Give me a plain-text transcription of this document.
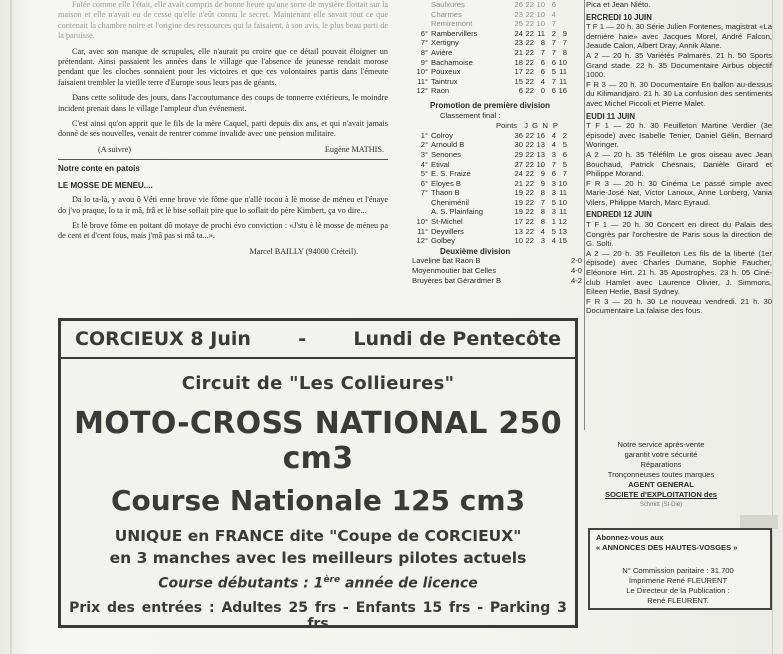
Futée comme elle l'était, elle avait compris de bonne heure qu'une sorte de mystère flottait sur la maison et elle n'avait eu de cesse qu'elle n'eût connu le secret. Maintenant elle savait tout ce que contenait la chambre noire et l'origine des ressources qui la faisaient, à son avis, le plus beau parti de la paroisse.

Car, avec son manque de scrupules, elle n'aurait pu croire que ce détail pouvait éloigner un prétendant. Ainsi passaient les années dans le village que l'absence de jeunesse rendait morose pendant que les cloches sonnaient pour les victoires et que ces volontaires partis dans l'émeute faisaient trembler la vieille terre d'Europe sous leurs pas de géants.

Dans cette solitude des jours, dans l'accoutumance des coups de tonnerre extérieurs, le moindre incident prenait dans le village l'ampleur d'un événement.

C'est ainsi qu'on apprit que le fils de la mère Caquel, parti depuis dix ans, et qui n'avait jamais donné de ses nouvelles, venait de rentrer comme invalide avec une pension militaire.

(A suivre)	Eugène MATHIS.
Notre conte en patois
LE MOSSE DE MENEU....

Da lo ta-là, y avou ô Véti enne brove vie fôme que n'allè tocou à lè mosse de méneu et l'énaye do j'vo praque, lo ta ir mâ, frâ et lè bise soflait pire que lo soflait do père Kimbert, ça vo dire...

Et lè brove fôme en poitant dô motaye de prochi évo conviction : «J'stu è lè mosse de méneu pa de cent et d'cent fous, mais j'mâ pas si mâ ta...».

Marcel BAILLY (94000 Créteil).
Saulxures	26 22 10 6
Charmes	23 22 10 4
Remiremont	25 22 10 7
6° Rambervillers	24 22 11 2 9
7° Xertigny	23 22 8 7 7
8° Avière	21 22 7 7 8
9° Bachamoise	18 22 6 6 10
10° Pouxeux	17 22 6 5 11
11° Taintrux	15 22 4 7 11
12° Raon	6 22 0 6 16
Promotion de première division
Classement final :
Points J G N P
1° Colroy	36 22 16 4 2
2° Arnould B	30 22 13 4 5
3° Senones	29 22 13 3 6
4° Etival	27 22 10 7 5
5° E. S. Fraize	24 22 9 6 7
6° Eloyes B	21 22 9 3 10
7° Thaon B	19 22 8 3 11
Cheniménil	19 22 7 5 10
A. S. Plainfaing	19 22 8 3 11
10° St-Michel	17 22 8 1 12
11° Deyvillers	13 22 4 5 13
12° Golbey	10 22 3 4 15
Deuxième division
Laveline bat Raon B	2-0
Moyenmoutier bat Celles	4-0
Bruyères bat Gérardmer B	4-2
Pica et Jean Niéto.
ERCREDI 10 JUIN
T F 1 — 20 h. 30 Série Julien Fontenes, magistrat «La dernière haie» avec Jacques Morel, André Falcon, Jeaude Calon, Albert Dray, Annik Alane.
A 2 — 20 h. 35 Variétés Palmarès. 21 h. 50 Sports Grand stade. 22 h. 35 Documentaire Airbus objectif 1000.
F R 3 — 20 h. 30 Documentaire En ballon au-dessus du Kilimandjaro. 21 h. 30 La confusion des sentiments avec Michel Piccoli et Pierre Malet.
EUDI 11 JUIN
T F 1 — 20 h. 30 Feuilleton Martine Verdier (3e épisode) avec Isabelle Tenier, Daniel Gélin, Bernard Woringer.
A 2 — 20 h. 35 Téléfilm Le gros oiseau avec Jean Bouchaud, Patrick Chesnais, Danièle Girard et Philippe Morand.
F R 3 — 20 h. 30 Cinéma Le passé simple avec Marie-José Nat, Victor Lanoux, Anne Lonberg, Vania Vilers, Philippe March, Marc Eyraud.
ENDREDI 12 JUIN
T F 1 — 20 h. 30 Concert en direct du Palais des Congrès par l'orchestre de Paris sous la direction de G. Solti.
A 2 — 20 h. 35 Feuilleton Les fils de la liberté (1er épisode) avec Charles Dumane, Sophie Faucher, Eléonore Hirt. 21 h. 35 Apostrophes. 23 h. 05 Ciné-club Hamlet avec Laurence Olivier, J. Simmons, Eileen Herlie, Basil Sydney.
F R 3 — 20 h. 30 Le nouveau vendredi. 21 h. 30 Documentaire La falaise des fous.
CORCIEUX 8 Juin - Lundi de Pentecôte
Circuit de "Les Collieures"
MOTO-CROSS NATIONAL 250 cm3
Course Nationale 125 cm3
UNIQUE en FRANCE dite "Coupe de CORCIEUX"
en 3 manches avec les meilleurs pilotes actuels
Course débutants : 1ère année de licence
Prix des entrées : Adultes 25 frs - Enfants 15 frs - Parking 3 frs
Notre service après-vente
garantit votre sécurité
Réparations
Tronçonneuses toutes marques
AGENT GENERAL
SOCIETE d'EXPLOITATION des
Schmitt (St-Dié)
Abonnez-vous aux
« ANNONCES DES HAUTES-VOSGES »
N° Commission paritaire : 31.700
Imprimerie René FLEURENT
Le Directeur de la Publication :
René FLEURENT.
